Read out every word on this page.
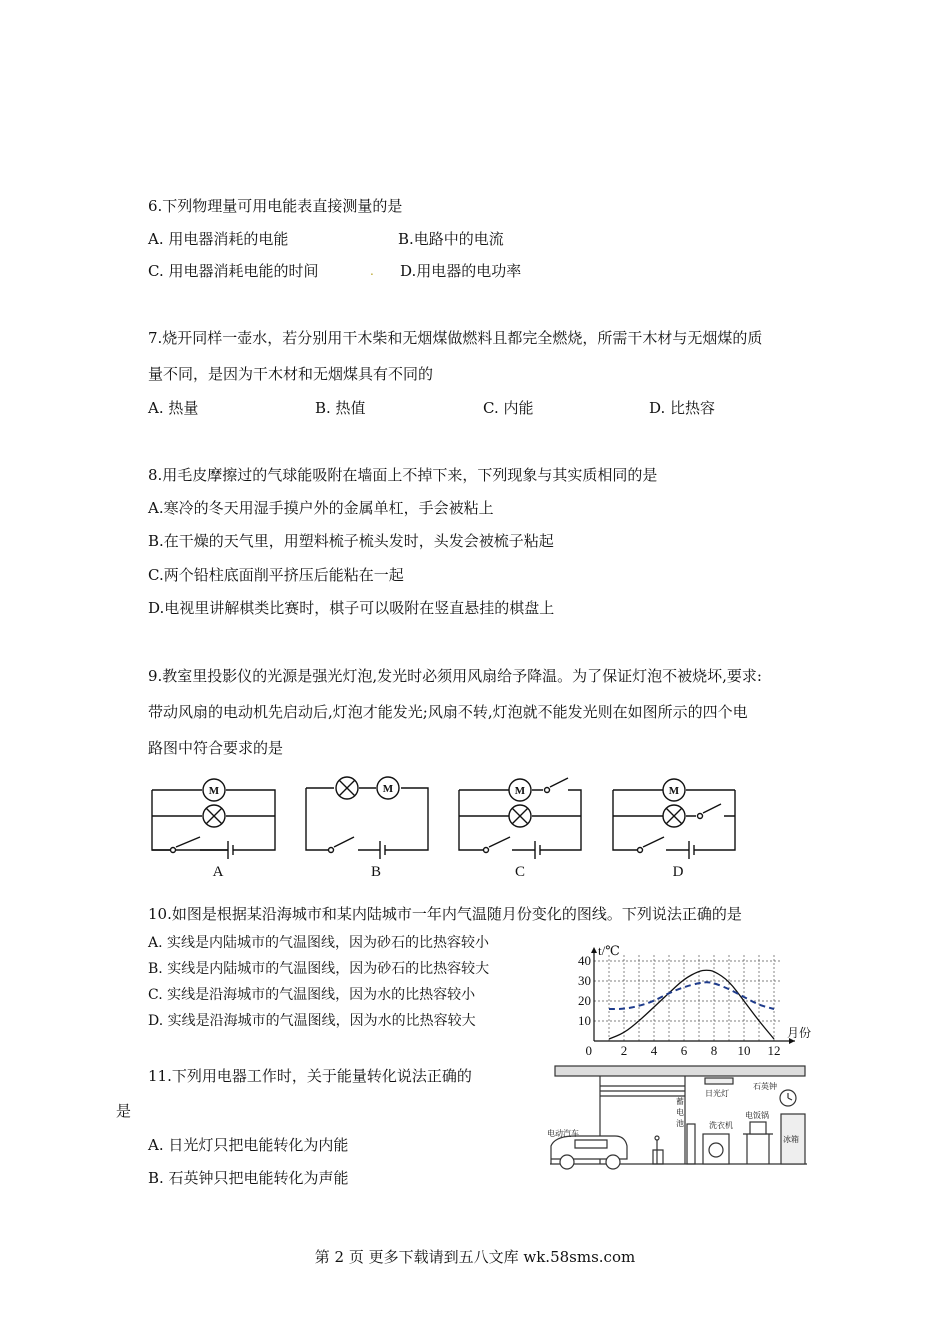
6.下列物理量可用电能表直接测量的是
A. 用电器消耗的电能	B.电路中的电流
C. 用电器消耗电能的时间	. D.用电器的电功率
7.烧开同样一壶水，若分别用干木柴和无烟煤做燃料且都完全燃烧，所需干木材与无烟煤的质
量不同，是因为干木材和无烟煤具有不同的
A. 热量	B. 热值	C. 内能	D. 比热容
8.用毛皮摩擦过的气球能吸附在墙面上不掉下来，下列现象与其实质相同的是
A.寒冷的冬天用湿手摸户外的金属单杠，手会被粘上
B.在干燥的天气里，用塑料梳子梳头发时，头发会被梳子粘起
C.两个铅柱底面削平挤压后能粘在一起
D.电视里讲解棋类比赛时，棋子可以吸附在竖直悬挂的棋盘上
9.教室里投影仪的光源是强光灯泡,发光时必须用风扇给予降温。为了保证灯泡不被烧坏,要求:
带动风扇的电动机先启动后,灯泡才能发光;风扇不转,灯泡就不能发光则在如图所示的四个电
路图中符合要求的是
M	M	M	M
A	B	C	D
10.如图是根据某沿海城市和某内陆城市一年内气温随月份变化的图线。下列说法正确的是
A. 实线是内陆城市的气温图线，因为砂石的比热容较小
B. 实线是内陆城市的气温图线，因为砂石的比热容较大
C. 实线是沿海城市的气温图线，因为水的比热容较小
D. 实线是沿海城市的气温图线，因为水的比热容较大
2 4 6 8 10 12
10
20
30
40
0
t/℃
月份
11.下列用电器工作时，关于能量转化说法正确的
是
A. 日光灯只把电能转化为内能
B. 石英钟只把电能转化为声能
电动汽车
日光灯
石英钟
洗衣机
电饭锅
冰箱
蓄 电 池
第 2 页 更多下载请到五八文库 wk.58sms.com
